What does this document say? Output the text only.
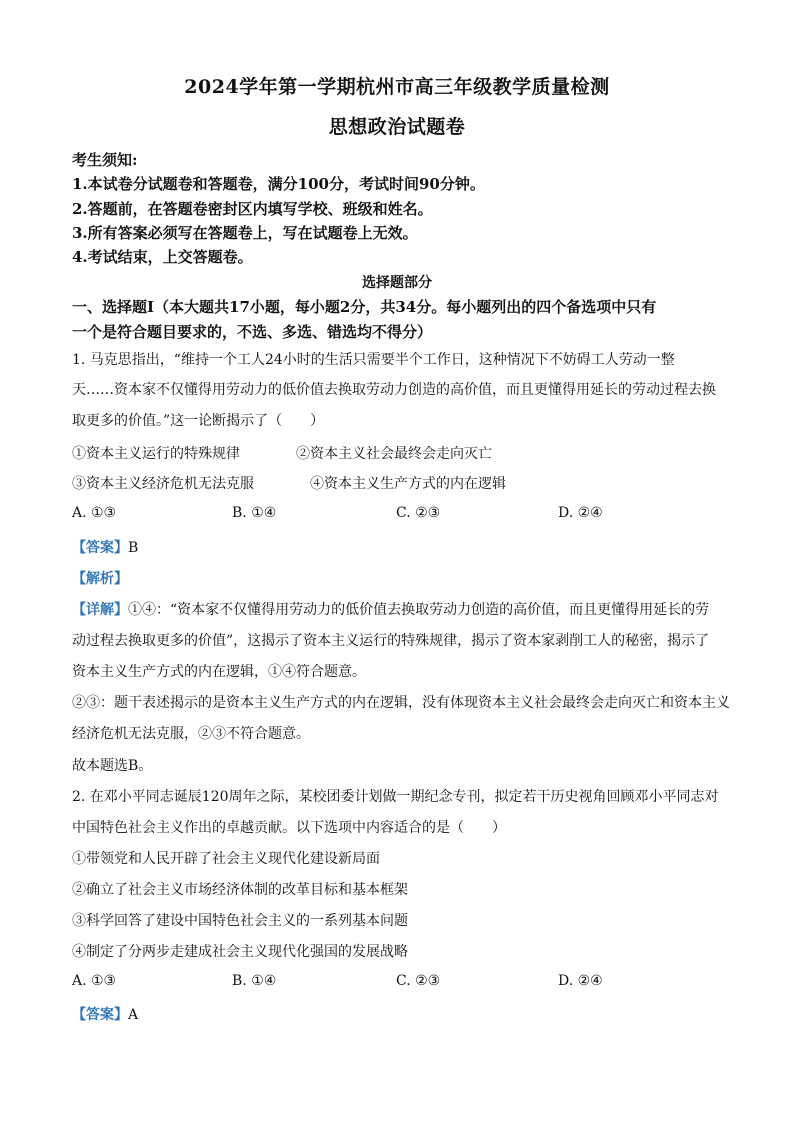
2024学年第一学期杭州市高三年级教学质量检测
思想政治试题卷
考生须知:
1.本试卷分试题卷和答题卷，满分100分，考试时间90分钟。
2.答题前，在答题卷密封区内填写学校、班级和姓名。
3.所有答案必须写在答题卷上，写在试题卷上无效。
4.考试结束，上交答题卷。
选择题部分
一、选择题Ⅰ（本大题共17小题，每小题2分，共34分。每小题列出的四个备选项中只有
一个是符合题目要求的，不选、多选、错选均不得分）
1. 马克思指出，“维持一个工人24小时的生活只需要半个工作日，这种情况下不妨碍工人劳动一整
天……资本家不仅懂得用劳动力的低价值去换取劳动力创造的高价值，而且更懂得用延长的劳动过程去换
取更多的价值。”这一论断揭示了（　　）
①资本主义运行的特殊规律	②资本主义社会最终会走向灭亡
③资本主义经济危机无法克服	④资本主义生产方式的内在逻辑
A. ①③	B. ①④	C. ②③	D. ②④
【答案】B
【解析】
【详解】①④：“资本家不仅懂得用劳动力的低价值去换取劳动力创造的高价值，而且更懂得用延长的劳
动过程去换取更多的价值”，这揭示了资本主义运行的特殊规律，揭示了资本家剥削工人的秘密，揭示了
资本主义生产方式的内在逻辑，①④符合题意。
②③：题干表述揭示的是资本主义生产方式的内在逻辑，没有体现资本主义社会最终会走向灭亡和资本主义
经济危机无法克服，②③不符合题意。
故本题选B。
2. 在邓小平同志诞辰120周年之际，某校团委计划做一期纪念专刊，拟定若干历史视角回顾邓小平同志对
中国特色社会主义作出的卓越贡献。以下选项中内容适合的是（　　）
①带领党和人民开辟了社会主义现代化建设新局面
②确立了社会主义市场经济体制的改革目标和基本框架
③科学回答了建设中国特色社会主义的一系列基本问题
④制定了分两步走建成社会主义现代化强国的发展战略
A. ①③	B. ①④	C. ②③	D. ②④
【答案】A
